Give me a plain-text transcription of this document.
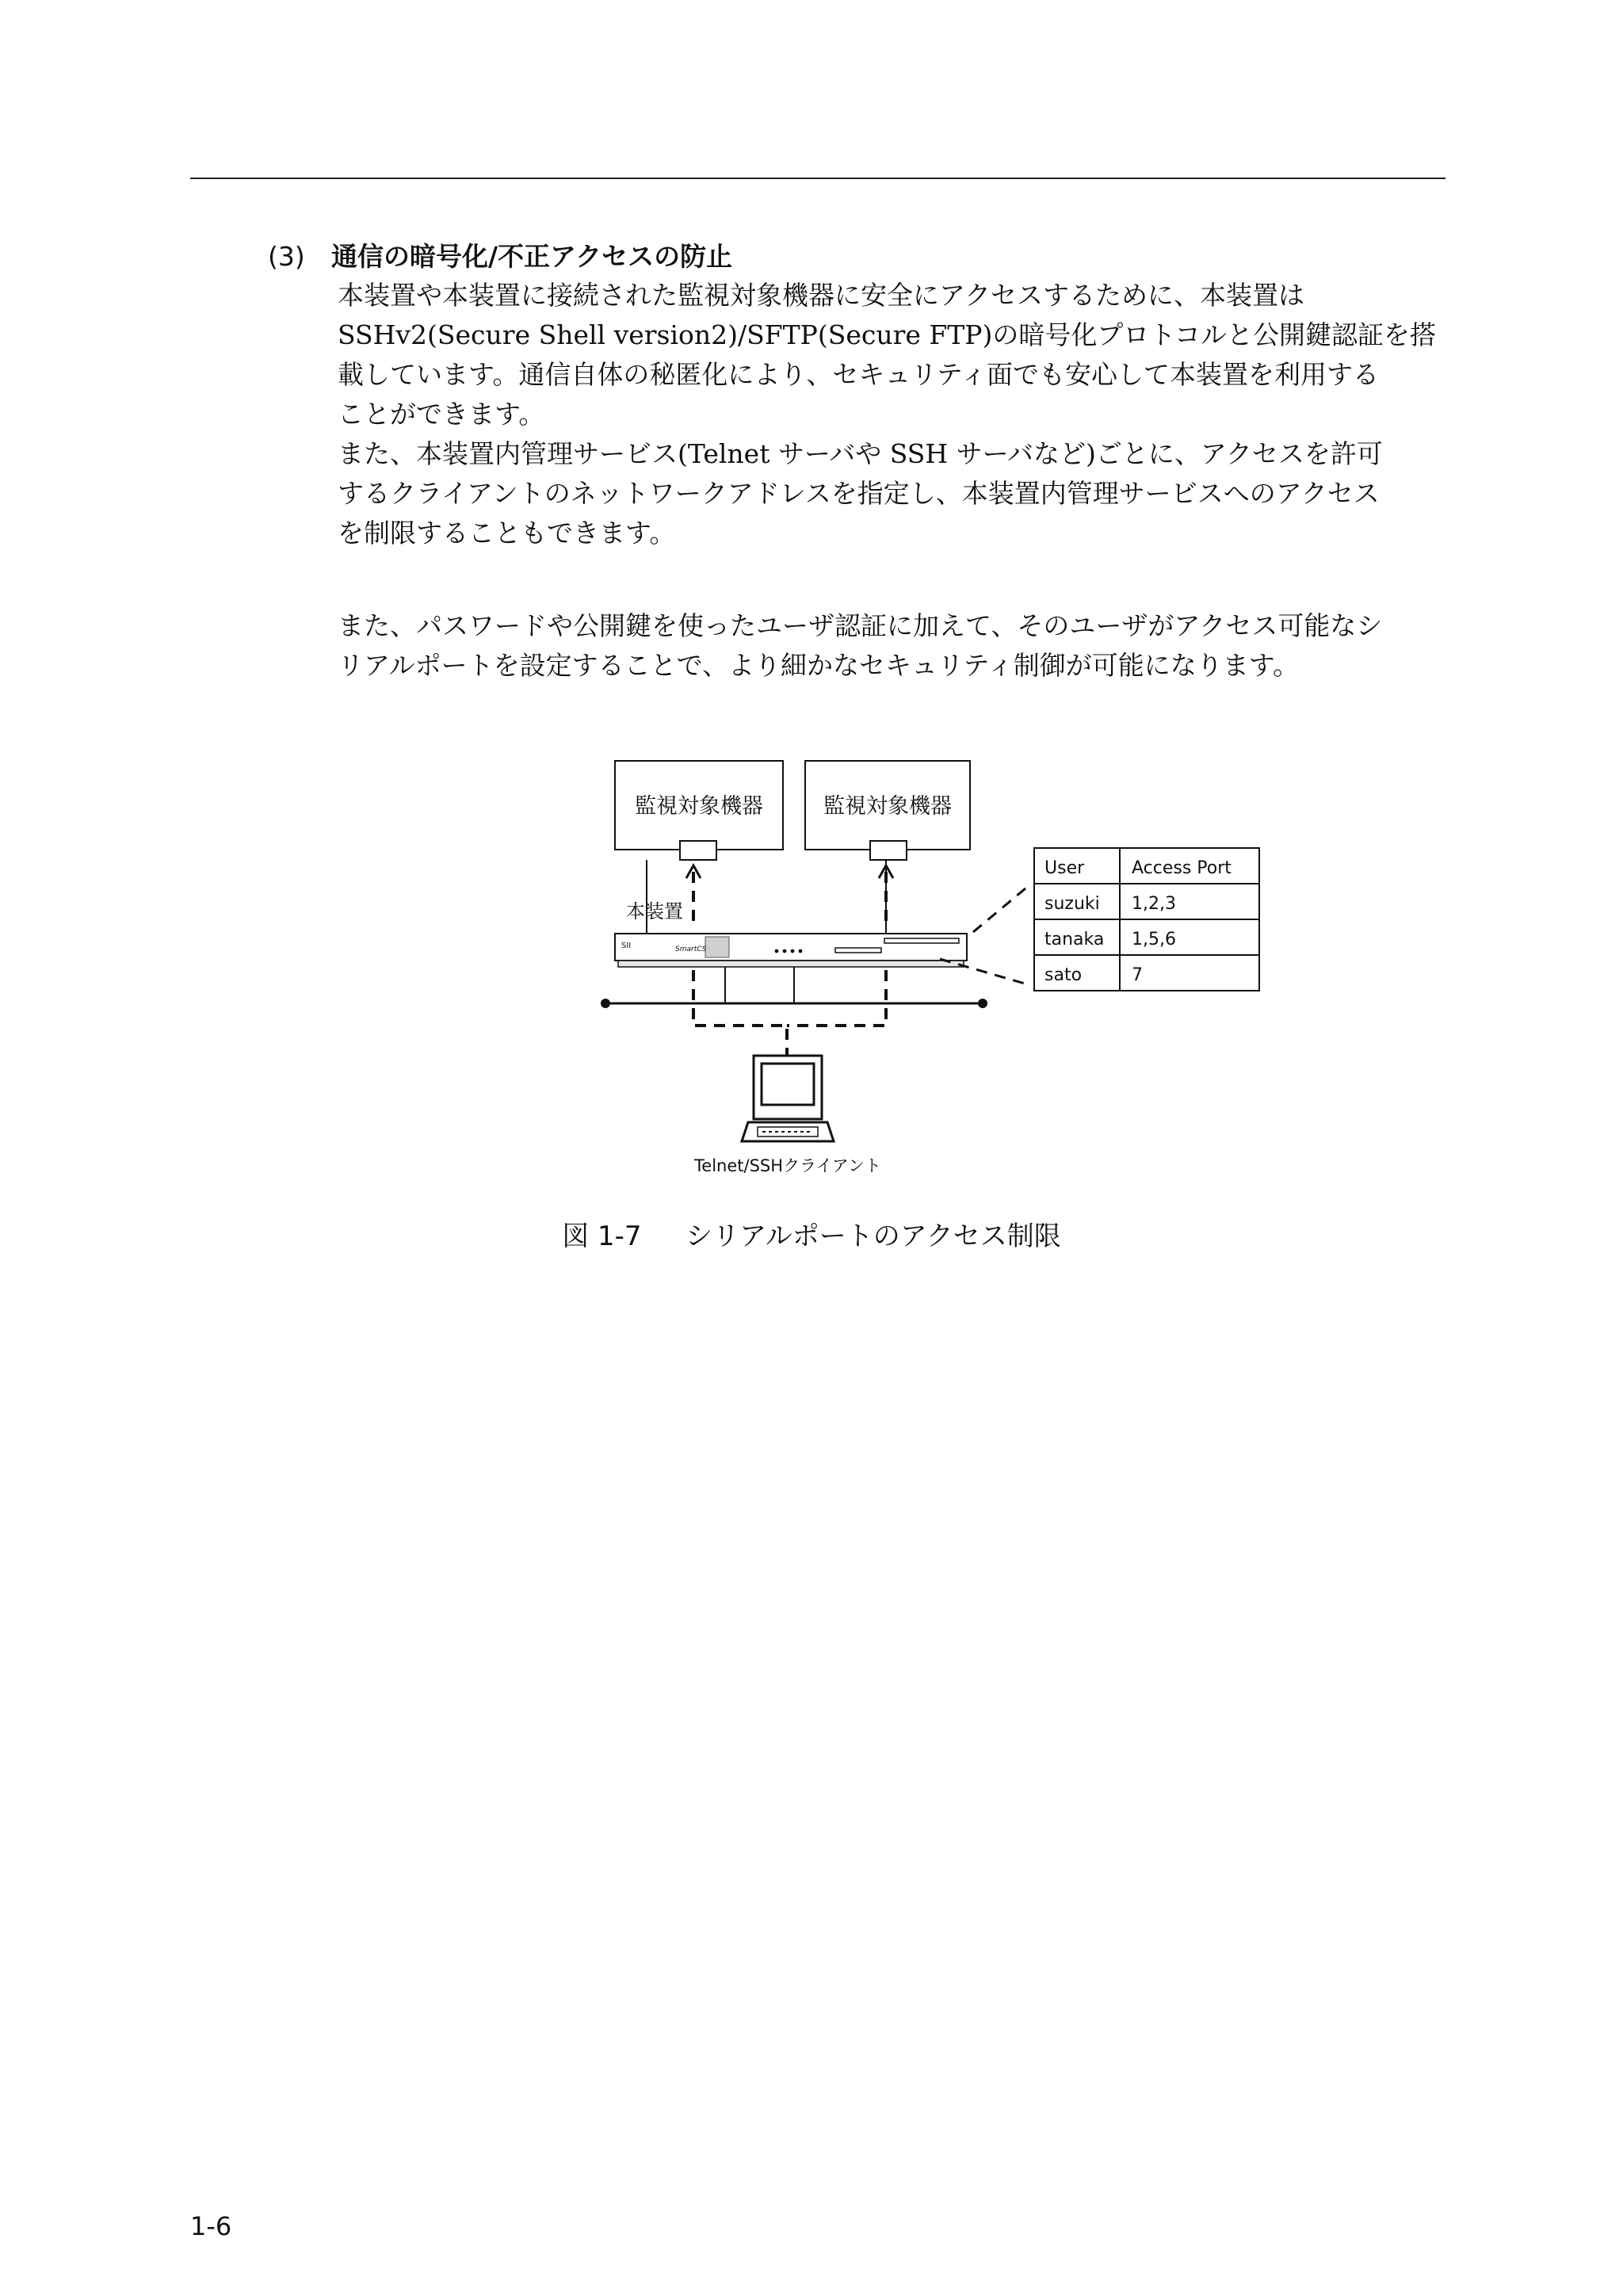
(3) 通信の暗号化/不正アクセスの防止

本装置や本装置に接続された監視対象機器に安全にアクセスするために、本装置は

SSHv2(Secure Shell version2)/SFTP(Secure FTP)の暗号化プロトコルと公開鍵認証を搭

載しています。通信自体の秘匿化により、セキュリティ面でも安心して本装置を利用する

ことができます。

また、本装置内管理サービス(Telnet サーバや SSH サーバなど)ごとに、アクセスを許可

するクライアントのネットワークアドレスを指定し、本装置内管理サービスへのアクセス

を制限することもできます。

また、パスワードや公開鍵を使ったユーザ認証に加えて、そのユーザがアクセス可能なシ

リアルポートを設定することで、より細かなセキュリティ制御が可能になります。

監視対象機器	監視対象機器
本装置
SII	SmartCS
Telnet/SSHクライアント
User	Access Port
suzuki 1,2,3
tanaka 1,5,6
sato	7
図 1-7 シリアルポートのアクセス制限
1-6
